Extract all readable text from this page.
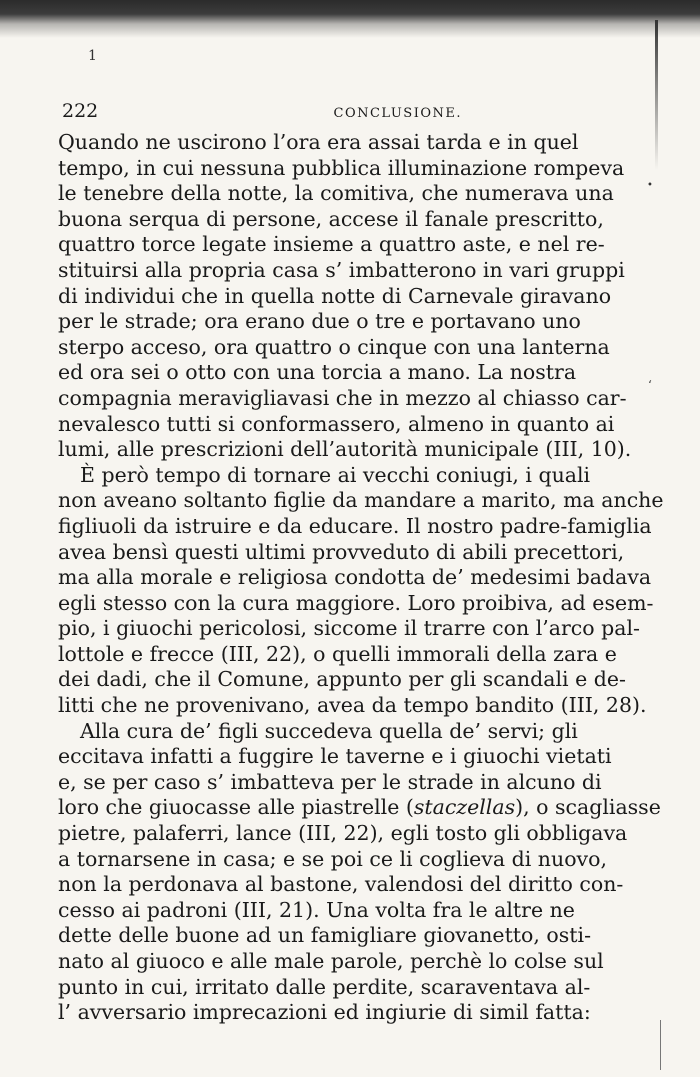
1
•
ʻ
222	CONCLUSIONE.
Quando ne uscirono l’ora era assai tarda e in quel
tempo, in cui nessuna pubblica illuminazione rompeva
le tenebre della notte, la comitiva, che numerava una
buona serqua di persone, accese il fanale prescritto,
quattro torce legate insieme a quattro aste, e nel re-
stituirsi alla propria casa s’ imbatterono in vari gruppi
di individui che in quella notte di Carnevale giravano
per le strade; ora erano due o tre e portavano uno
sterpo acceso, ora quattro o cinque con una lanterna
ed ora sei o otto con una torcia a mano. La nostra
compagnia meravigliavasi che in mezzo al chiasso car-
nevalesco tutti si conformassero, almeno in quanto ai
lumi, alle prescrizioni dell’autorità municipale (III, 10).
È però tempo di tornare ai vecchi coniugi, i quali
non aveano soltanto figlie da mandare a marito, ma anche
figliuoli da istruire e da educare. Il nostro padre-famiglia
avea bensì questi ultimi provveduto di abili precettori,
ma alla morale e religiosa condotta de’ medesimi badava
egli stesso con la cura maggiore. Loro proibiva, ad esem-
pio, i giuochi pericolosi, siccome il trarre con l’arco pal-
lottole e frecce (III, 22), o quelli immorali della zara e
dei dadi, che il Comune, appunto per gli scandali e de-
litti che ne provenivano, avea da tempo bandito (III, 28).
Alla cura de’ figli succedeva quella de’ servi; gli
eccitava infatti a fuggire le taverne e i giuochi vietati
e, se per caso s’ imbatteva per le strade in alcuno di
loro che giuocasse alle piastrelle (staczellas), o scagliasse
pietre, palaferri, lance (III, 22), egli tosto gli obbligava
a tornarsene in casa; e se poi ce li coglieva di nuovo,
non la perdonava al bastone, valendosi del diritto con-
cesso ai padroni (III, 21). Una volta fra le altre ne
dette delle buone ad un famigliare giovanetto, osti-
nato al giuoco e alle male parole, perchè lo colse sul
punto in cui, irritato dalle perdite, scaraventava al-
l’ avversario imprecazioni ed ingiurie di simil fatta:
